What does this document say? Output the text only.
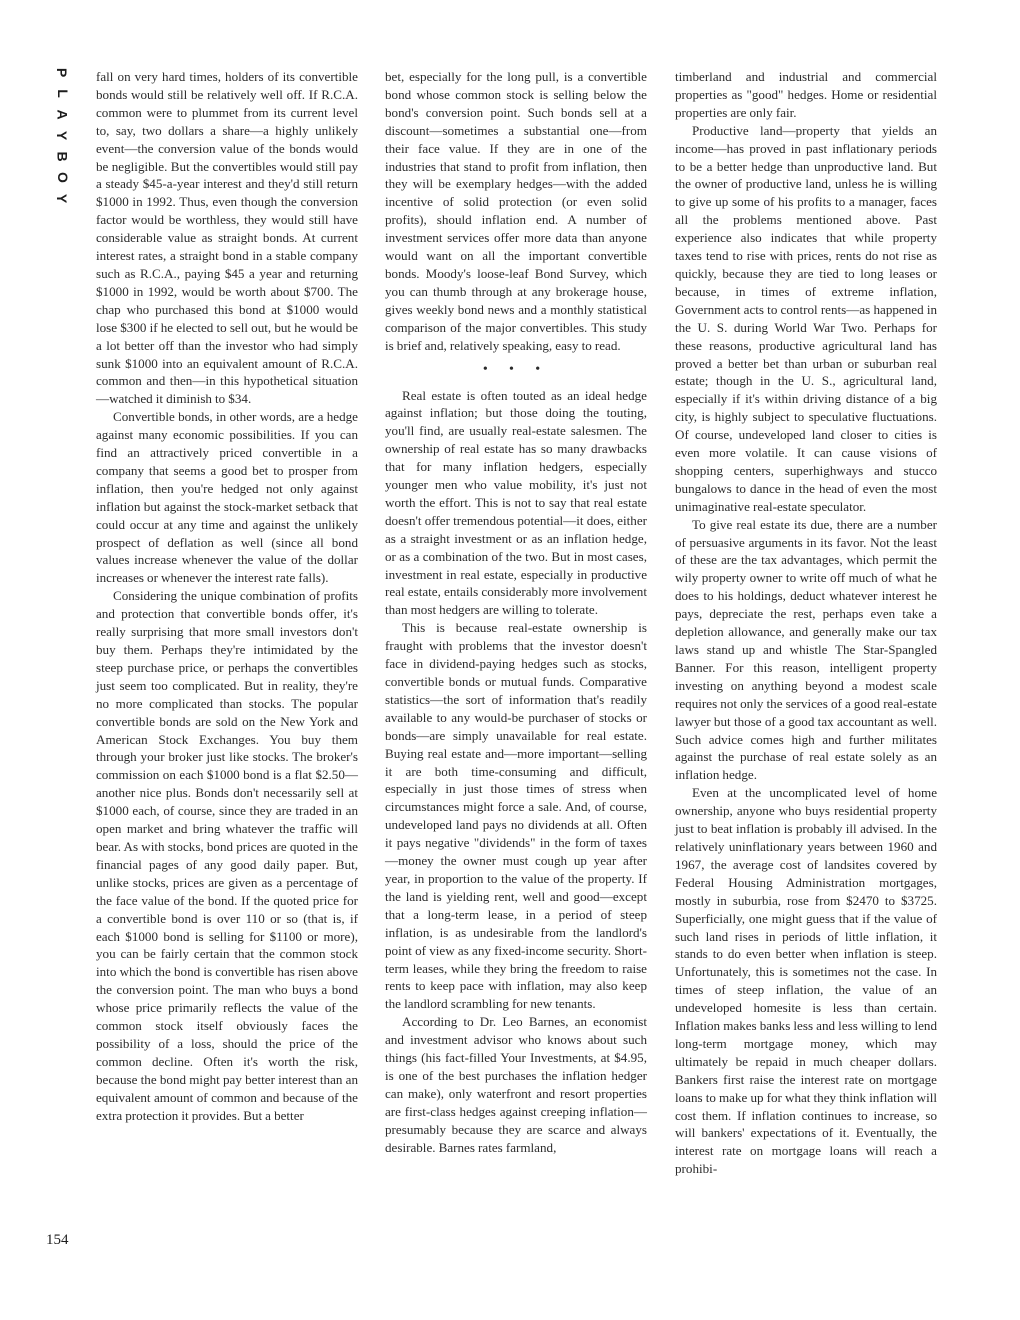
P
L
A
Y
B
O
Y

fall on very hard times, holders of its convertible bonds would still be relatively well off. If R.C.A. common were to plummet from its current level to, say, two dollars a share—a highly unlikely event—the conversion value of the bonds would be negligible. But the convertibles would still pay a steady $45-a-year interest and they'd still return $1000 in 1992. Thus, even though the conversion factor would be worthless, they would still have considerable value as straight bonds. At current interest rates, a straight bond in a stable company such as R.C.A., paying $45 a year and returning $1000 in 1992, would be worth about $700. The chap who purchased this bond at $1000 would lose $300 if he elected to sell out, but he would be a lot better off than the investor who had simply sunk $1000 into an equivalent amount of R.C.A. common and then—in this hypothetical situation—watched it diminish to $34.

Convertible bonds, in other words, are a hedge against many economic possibilities. If you can find an attractively priced convertible in a company that seems a good bet to prosper from inflation, then you're hedged not only against inflation but against the stock-market setback that could occur at any time and against the unlikely prospect of deflation as well (since all bond values increase whenever the value of the dollar increases or whenever the interest rate falls).

Considering the unique combination of profits and protection that convertible bonds offer, it's really surprising that more small investors don't buy them. Perhaps they're intimidated by the steep purchase price, or perhaps the convertibles just seem too complicated. But in reality, they're no more complicated than stocks. The popular convertible bonds are sold on the New York and American Stock Exchanges. You buy them through your broker just like stocks. The broker's commission on each $1000 bond is a flat $2.50—another nice plus. Bonds don't necessarily sell at $1000 each, of course, since they are traded in an open market and bring whatever the traffic will bear. As with stocks, bond prices are quoted in the financial pages of any good daily paper. But, unlike stocks, prices are given as a percentage of the face value of the bond. If the quoted price for a convertible bond is over 110 or so (that is, if each $1000 bond is selling for $1100 or more), you can be fairly certain that the common stock into which the bond is convertible has risen above the conversion point. The man who buys a bond whose price primarily reflects the value of the common stock itself obviously faces the possibility of a loss, should the price of the common decline. Often it's worth the risk, because the bond might pay better interest than an equivalent amount of common and because of the extra protection it provides. But a better

bet, especially for the long pull, is a convertible bond whose common stock is selling below the bond's conversion point. Such bonds sell at a discount—sometimes a substantial one—from their face value. If they are in one of the industries that stand to profit from inflation, then they will be exemplary hedges—with the added incentive of solid protection (or even solid profits), should inflation end. A number of investment services offer more data than anyone would want on all the important convertible bonds. Moody's loose-leaf Bond Survey, which you can thumb through at any brokerage house, gives weekly bond news and a monthly statistical comparison of the major convertibles. This study is brief and, relatively speaking, easy to read.

• • •

Real estate is often touted as an ideal hedge against inflation; but those doing the touting, you'll find, are usually real-estate salesmen. The ownership of real estate has so many drawbacks that for many inflation hedgers, especially younger men who value mobility, it's just not worth the effort. This is not to say that real estate doesn't offer tremendous potential—it does, either as a straight investment or as an inflation hedge, or as a combination of the two. But in most cases, investment in real estate, especially in productive real estate, entails considerably more involvement than most hedgers are willing to tolerate.

This is because real-estate ownership is fraught with problems that the investor doesn't face in dividend-paying hedges such as stocks, convertible bonds or mutual funds. Comparative statistics—the sort of information that's readily available to any would-be purchaser of stocks or bonds—are simply unavailable for real estate. Buying real estate and—more important—selling it are both time-consuming and difficult, especially in just those times of stress when circumstances might force a sale. And, of course, undeveloped land pays no dividends at all. Often it pays negative "dividends" in the form of taxes—money the owner must cough up year after year, in proportion to the value of the property. If the land is yielding rent, well and good—except that a long-term lease, in a period of steep inflation, is as undesirable from the landlord's point of view as any fixed-income security. Short-term leases, while they bring the freedom to raise rents to keep pace with inflation, may also keep the landlord scrambling for new tenants.

According to Dr. Leo Barnes, an economist and investment advisor who knows about such things (his fact-filled Your Investments, at $4.95, is one of the best purchases the inflation hedger can make), only waterfront and resort properties are first-class hedges against creeping inflation—presumably because they are scarce and always desirable. Barnes rates farmland,

timberland and industrial and commercial properties as "good" hedges. Home or residential properties are only fair.

Productive land—property that yields an income—has proved in past inflationary periods to be a better hedge than unproductive land. But the owner of productive land, unless he is willing to give up some of his profits to a manager, faces all the problems mentioned above. Past experience also indicates that while property taxes tend to rise with prices, rents do not rise as quickly, because they are tied to long leases or because, in times of extreme inflation, Government acts to control rents—as happened in the U. S. during World War Two. Perhaps for these reasons, productive agricultural land has proved a better bet than urban or suburban real estate; though in the U. S., agricultural land, especially if it's within driving distance of a big city, is highly subject to speculative fluctuations. Of course, undeveloped land closer to cities is even more volatile. It can cause visions of shopping centers, superhighways and stucco bungalows to dance in the head of even the most unimaginative real-estate speculator.

To give real estate its due, there are a number of persuasive arguments in its favor. Not the least of these are the tax advantages, which permit the wily property owner to write off much of what he does to his holdings, deduct whatever interest he pays, depreciate the rest, perhaps even take a depletion allowance, and generally make our tax laws stand up and whistle The Star-Spangled Banner. For this reason, intelligent property investing on anything beyond a modest scale requires not only the services of a good real-estate lawyer but those of a good tax accountant as well. Such advice comes high and further militates against the purchase of real estate solely as an inflation hedge.

Even at the uncomplicated level of home ownership, anyone who buys residential property just to beat inflation is probably ill advised. In the relatively uninflationary years between 1960 and 1967, the average cost of landsites covered by Federal Housing Administration mortgages, mostly in suburbia, rose from $2470 to $3725. Superficially, one might guess that if the value of such land rises in periods of little inflation, it stands to do even better when inflation is steep. Unfortunately, this is sometimes not the case. In times of steep inflation, the value of an undeveloped homesite is less than certain. Inflation makes banks less and less willing to lend long-term mortgage money, which may ultimately be repaid in much cheaper dollars. Bankers first raise the interest rate on mortgage loans to make up for what they think inflation will cost them. If inflation continues to increase, so will bankers' expectations of it. Eventually, the interest rate on mortgage loans will reach a prohibi-

154
